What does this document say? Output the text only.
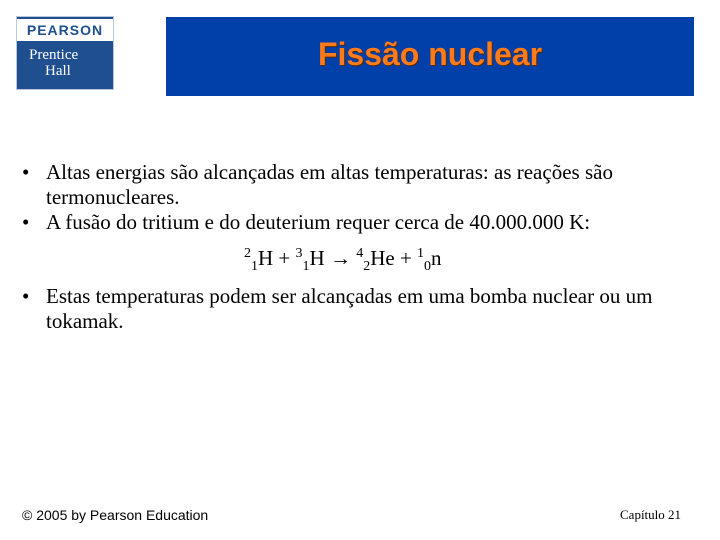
PEARSON
Prentice
Hall	Fissão nuclear

• Altas energias são alcançadas em altas temperaturas: as reações são termonucleares.

• A fusão do tritium e do deuterium requer cerca de 40.000.000 K:

$^2_1$H + $^3_1$H → $^4_2$He + $^1_0$n

• Estas temperaturas podem ser alcançadas em uma bomba nuclear ou um tokamak.

© 2005 by Pearson Education	Capítulo 21
